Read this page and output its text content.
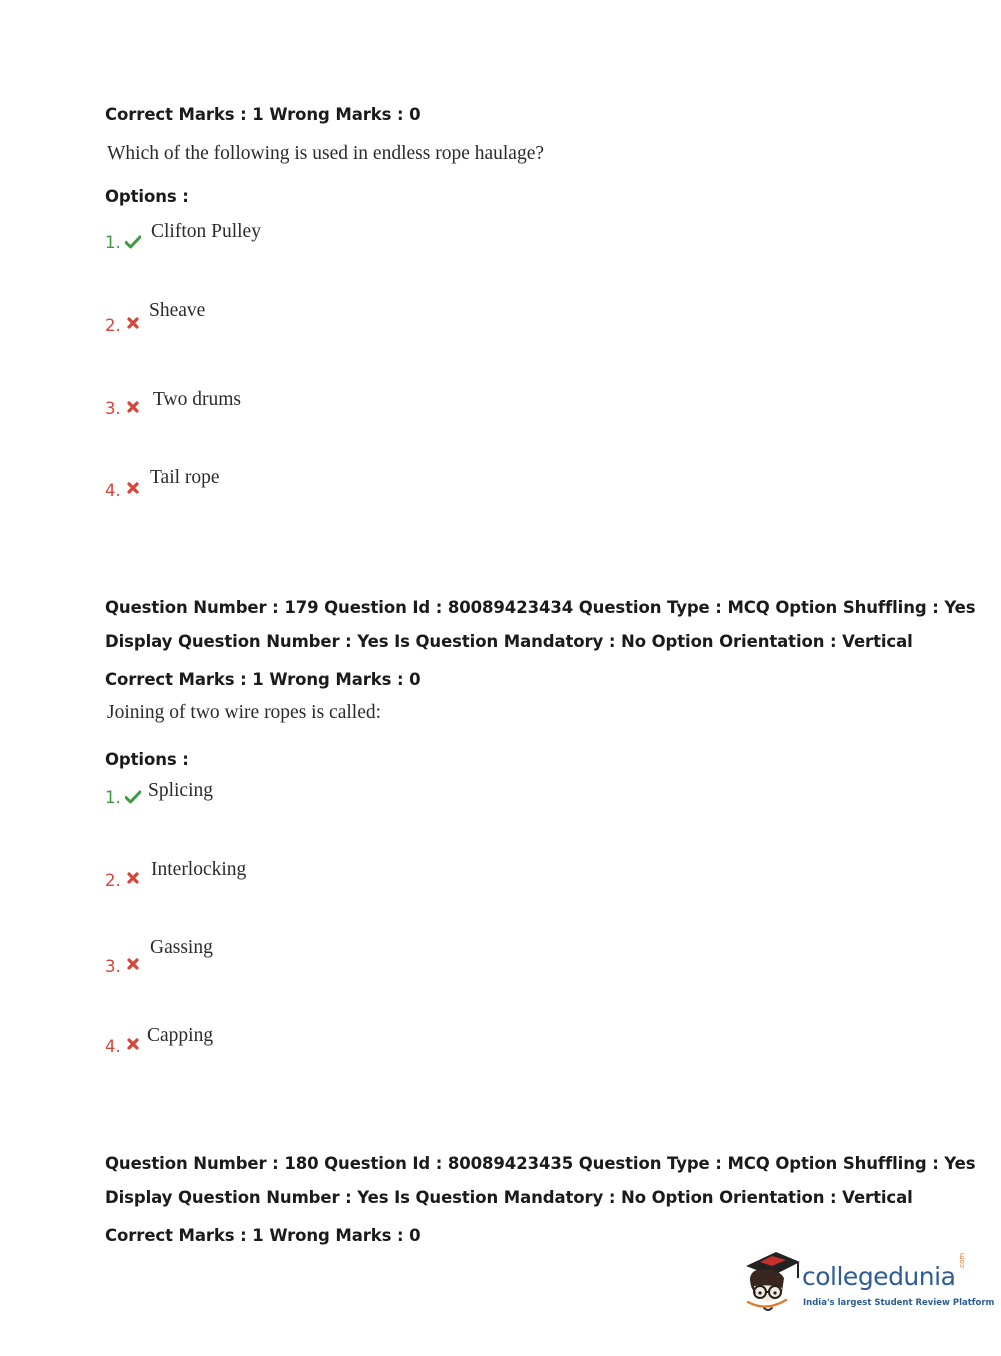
Correct Marks : 1 Wrong Marks : 0
Which of the following is used in endless rope haulage?
Options :
1.
Clifton Pulley
2.
Sheave
3. Two drums
4.
Tail rope
Question Number : 179 Question Id : 80089423434 Question Type : MCQ Option Shuffling : Yes
Display Question Number : Yes Is Question Mandatory : No Option Orientation : Vertical
Correct Marks : 1 Wrong Marks : 0
Joining of two wire ropes is called:
Options :
1. Splicing
2.
Interlocking
3.
Gassing
4.
Capping
Question Number : 180 Question Id : 80089423435 Question Type : MCQ Option Shuffling : Yes
Display Question Number : Yes Is Question Mandatory : No Option Orientation : Vertical
Correct Marks : 1 Wrong Marks : 0
collegedunia
.com
India's largest Student Review Platform
